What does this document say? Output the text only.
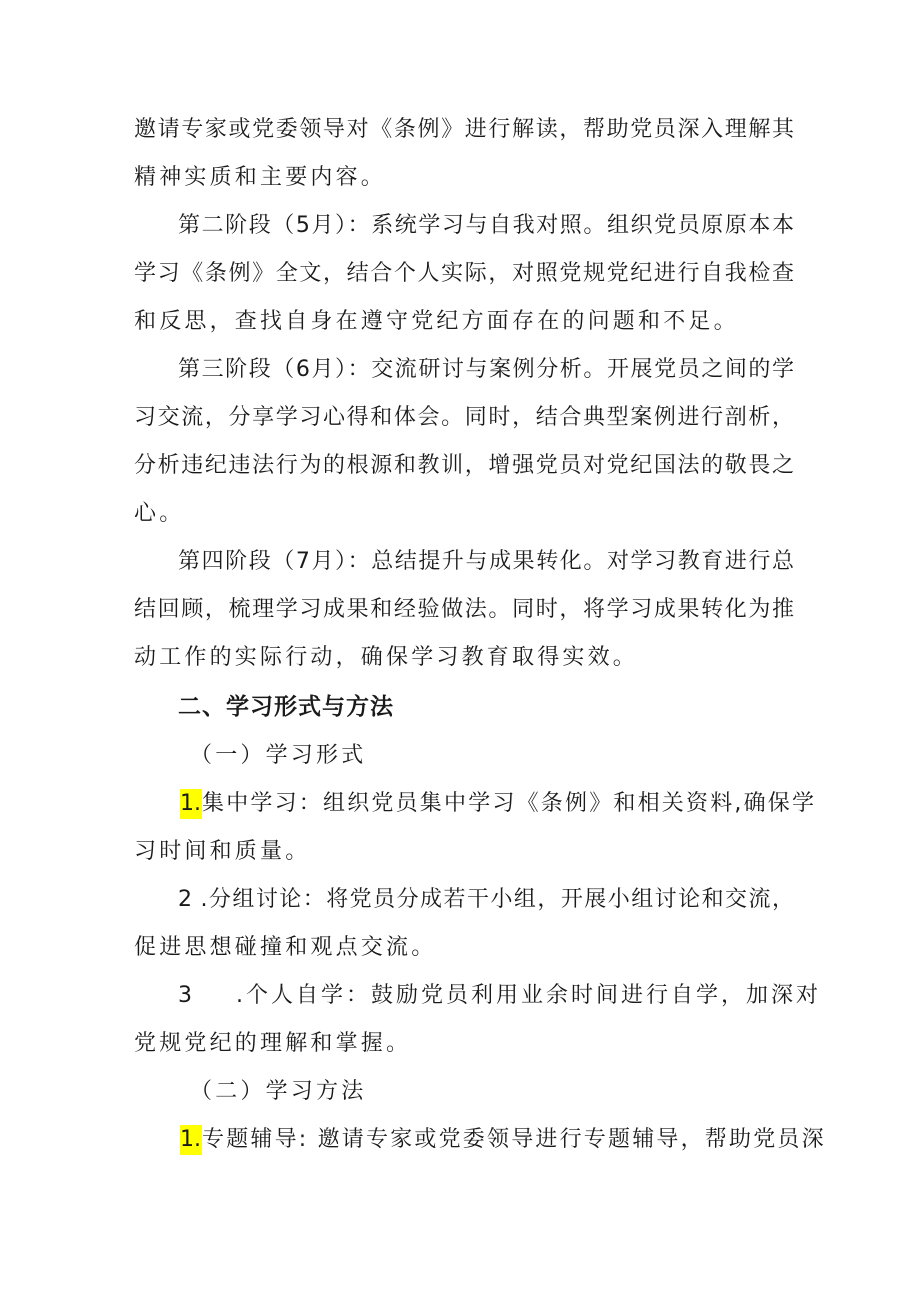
邀请专家或党委领导对《条例》进行解读，帮助党员深入理解其
精神实质和主要内容。
第二阶段（5月）：系统学习与自我对照。组织党员原原本本
学习《条例》全文，结合个人实际，对照党规党纪进行自我检查
和反思，查找自身在遵守党纪方面存在的问题和不足。
第三阶段（6月）：交流研讨与案例分析。开展党员之间的学
习交流，分享学习心得和体会。同时，结合典型案例进行剖析，
分析违纪违法行为的根源和教训，增强党员对党纪国法的敬畏之
心。
第四阶段（7月）：总结提升与成果转化。对学习教育进行总
结回顾，梳理学习成果和经验做法。同时，将学习成果转化为推
动工作的实际行动，确保学习教育取得实效。
二、学习形式与方法
（一）学习形式
1.集中学习：组织党员集中学习《条例》和相关资料,确保学
习时间和质量。
2 .分组讨论：将党员分成若干小组，开展小组讨论和交流，
促进思想碰撞和观点交流。
3 .个人自学：鼓励党员利用业余时间进行自学，加深对
党规党纪的理解和掌握。
（二）学习方法
1.专题辅导: 邀请专家或党委领导进行专题辅导，帮助党员深
